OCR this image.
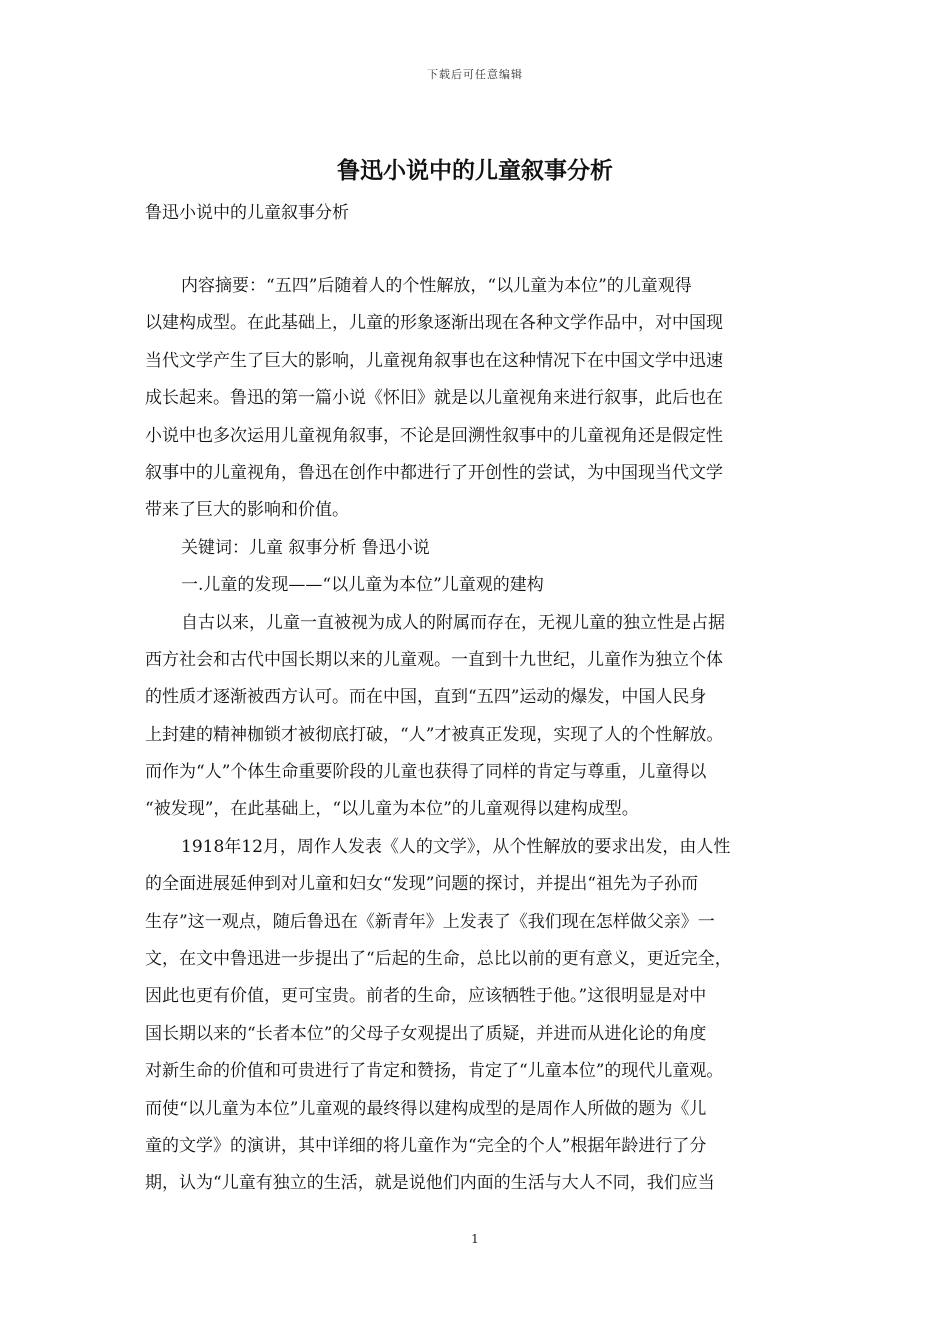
下载后可任意编辑
鲁迅小说中的儿童叙事分析
鲁迅小说中的儿童叙事分析
内容摘要：“五四”后随着人的个性解放，“以儿童为本位”的儿童观得
以建构成型。在此基础上，儿童的形象逐渐出现在各种文学作品中，对中国现
当代文学产生了巨大的影响，儿童视角叙事也在这种情况下在中国文学中迅速
成长起来。鲁迅的第一篇小说《怀旧》就是以儿童视角来进行叙事，此后也在
小说中也多次运用儿童视角叙事，不论是回溯性叙事中的儿童视角还是假定性
叙事中的儿童视角，鲁迅在创作中都进行了开创性的尝试，为中国现当代文学
带来了巨大的影响和价值。
关键词：儿童 叙事分析 鲁迅小说
一.儿童的发现——“以儿童为本位”儿童观的建构
自古以来，儿童一直被视为成人的附属而存在，无视儿童的独立性是占据
西方社会和古代中国长期以来的儿童观。一直到十九世纪，儿童作为独立个体
的性质才逐渐被西方认可。而在中国，直到“五四”运动的爆发，中国人民身
上封建的精神枷锁才被彻底打破，“人”才被真正发现，实现了人的个性解放。
而作为“人”个体生命重要阶段的儿童也获得了同样的肯定与尊重，儿童得以
“被发现”，在此基础上，“以儿童为本位”的儿童观得以建构成型。
1918年12月，周作人发表《人的文学》，从个性解放的要求出发，由人性
的全面进展延伸到对儿童和妇女“发现”问题的探讨，并提出“祖先为子孙而
生存”这一观点，随后鲁迅在《新青年》上发表了《我们现在怎样做父亲》一
文，在文中鲁迅进一步提出了“后起的生命，总比以前的更有意义，更近完全，
因此也更有价值，更可宝贵。前者的生命，应该牺牲于他。”这很明显是对中
国长期以来的“长者本位”的父母子女观提出了质疑，并进而从进化论的角度
对新生命的价值和可贵进行了肯定和赞扬，肯定了“儿童本位”的现代儿童观。
而使“以儿童为本位”儿童观的最终得以建构成型的是周作人所做的题为《儿
童的文学》的演讲，其中详细的将儿童作为“完全的个人”根据年龄进行了分
期，认为“儿童有独立的生活，就是说他们内面的生活与大人不同，我们应当
1
